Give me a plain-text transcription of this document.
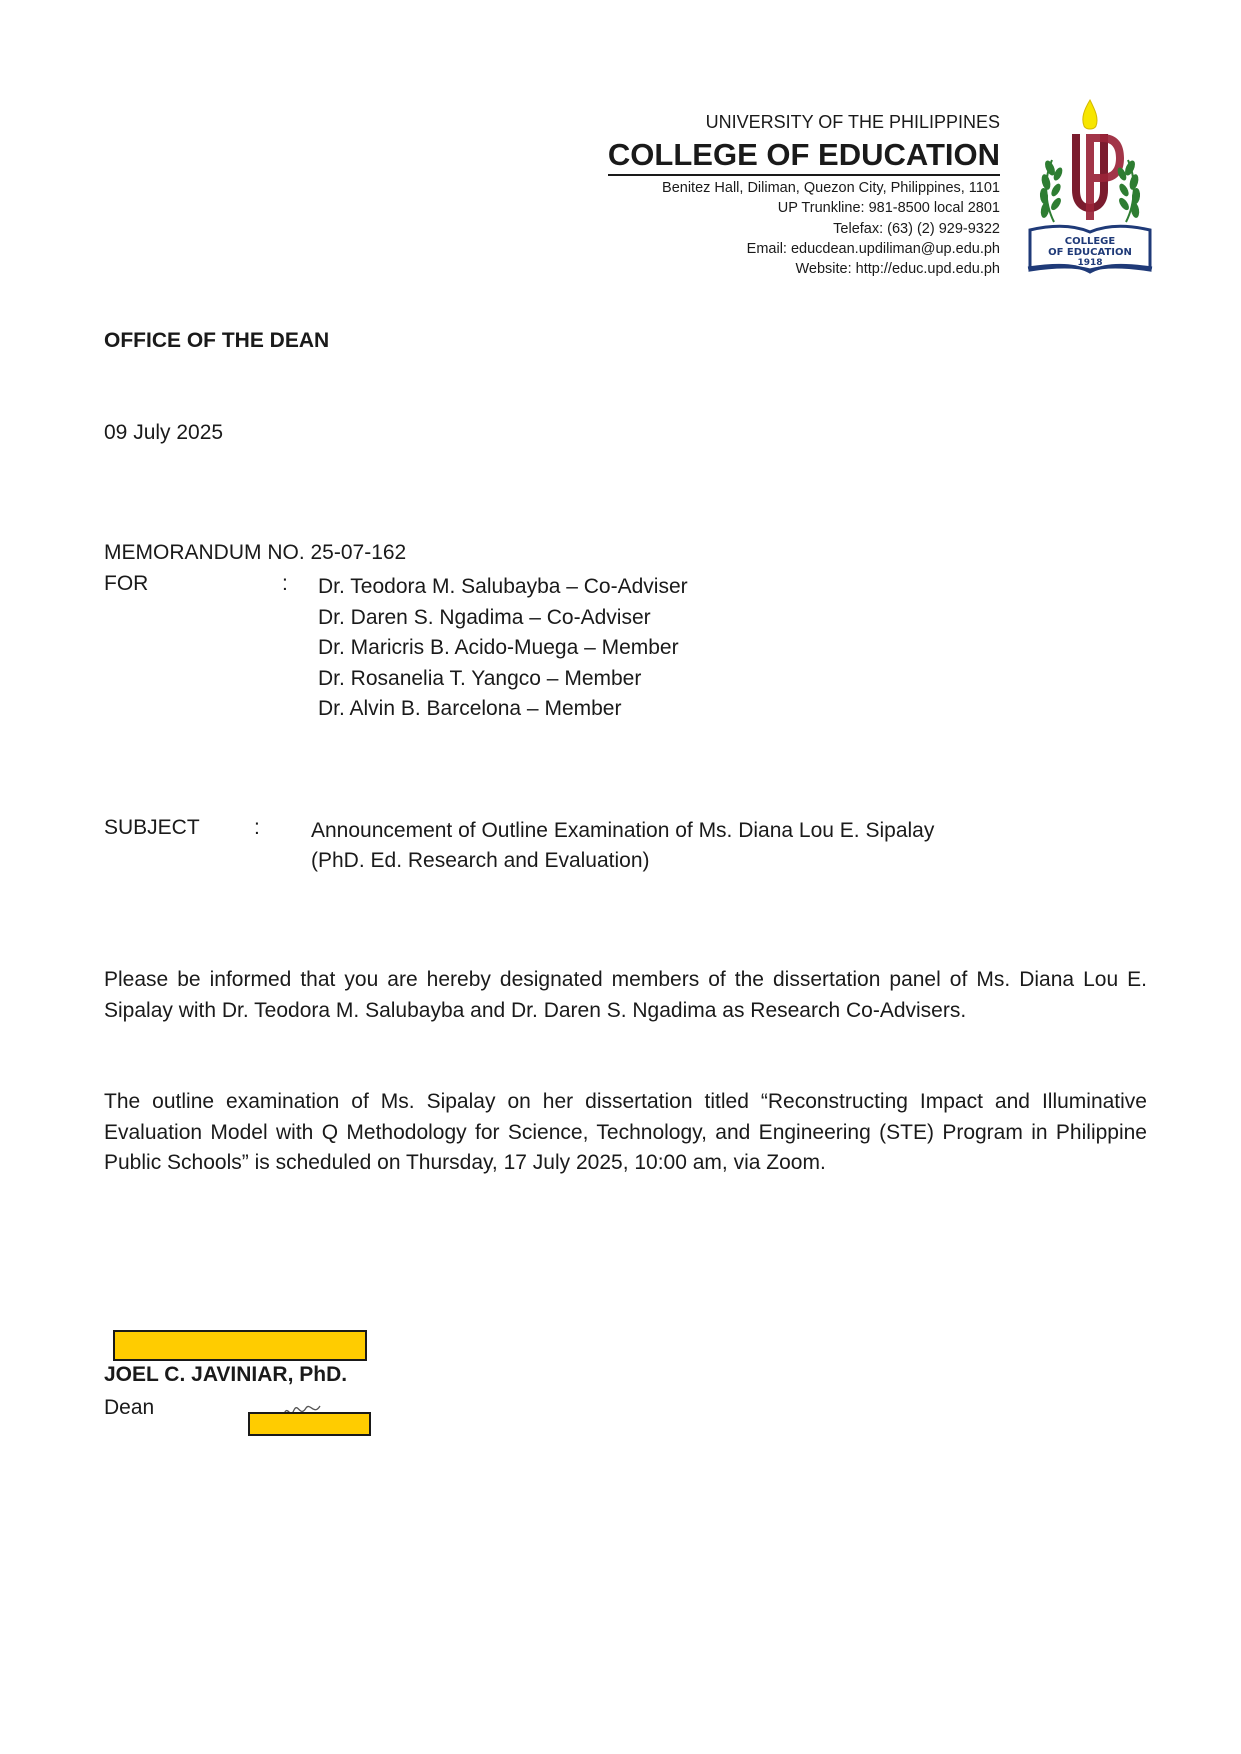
UNIVERSITY OF THE PHILIPPINES
COLLEGE OF EDUCATION
Benitez Hall, Diliman, Quezon City, Philippines, 1101
UP Trunkline: 981-8500 local 2801
Telefax: (63) (2) 929-9322
Email: educdean.updiliman@up.edu.ph
Website: http://educ.upd.edu.ph
COLLEGE
OF EDUCATION
1918
OFFICE OF THE DEAN
09 July 2025
MEMORANDUM NO. 25-07-162
FOR	: Dr. Teodora M. Salubayba – Co-Adviser
Dr. Daren S. Ngadima – Co-Adviser
Dr. Maricris B. Acido-Muega – Member
Dr. Rosanelia T. Yangco – Member
Dr. Alvin B. Barcelona – Member
SUBJECT	: Announcement of Outline Examination of Ms. Diana Lou E. Sipalay
(PhD. Ed. Research and Evaluation)
Please be informed that you are hereby designated members of the dissertation panel of Ms. Diana Lou E. Sipalay with Dr. Teodora M. Salubayba and Dr. Daren S. Ngadima as Research Co-Advisers.
The outline examination of Ms. Sipalay on her dissertation titled “Reconstructing Impact and Illuminative Evaluation Model with Q Methodology for Science, Technology, and Engineering (STE) Program in Philippine Public Schools” is scheduled on Thursday, 17 July 2025, 10:00 am, via Zoom.
JOEL C. JAVINIAR, PhD.
Dean
